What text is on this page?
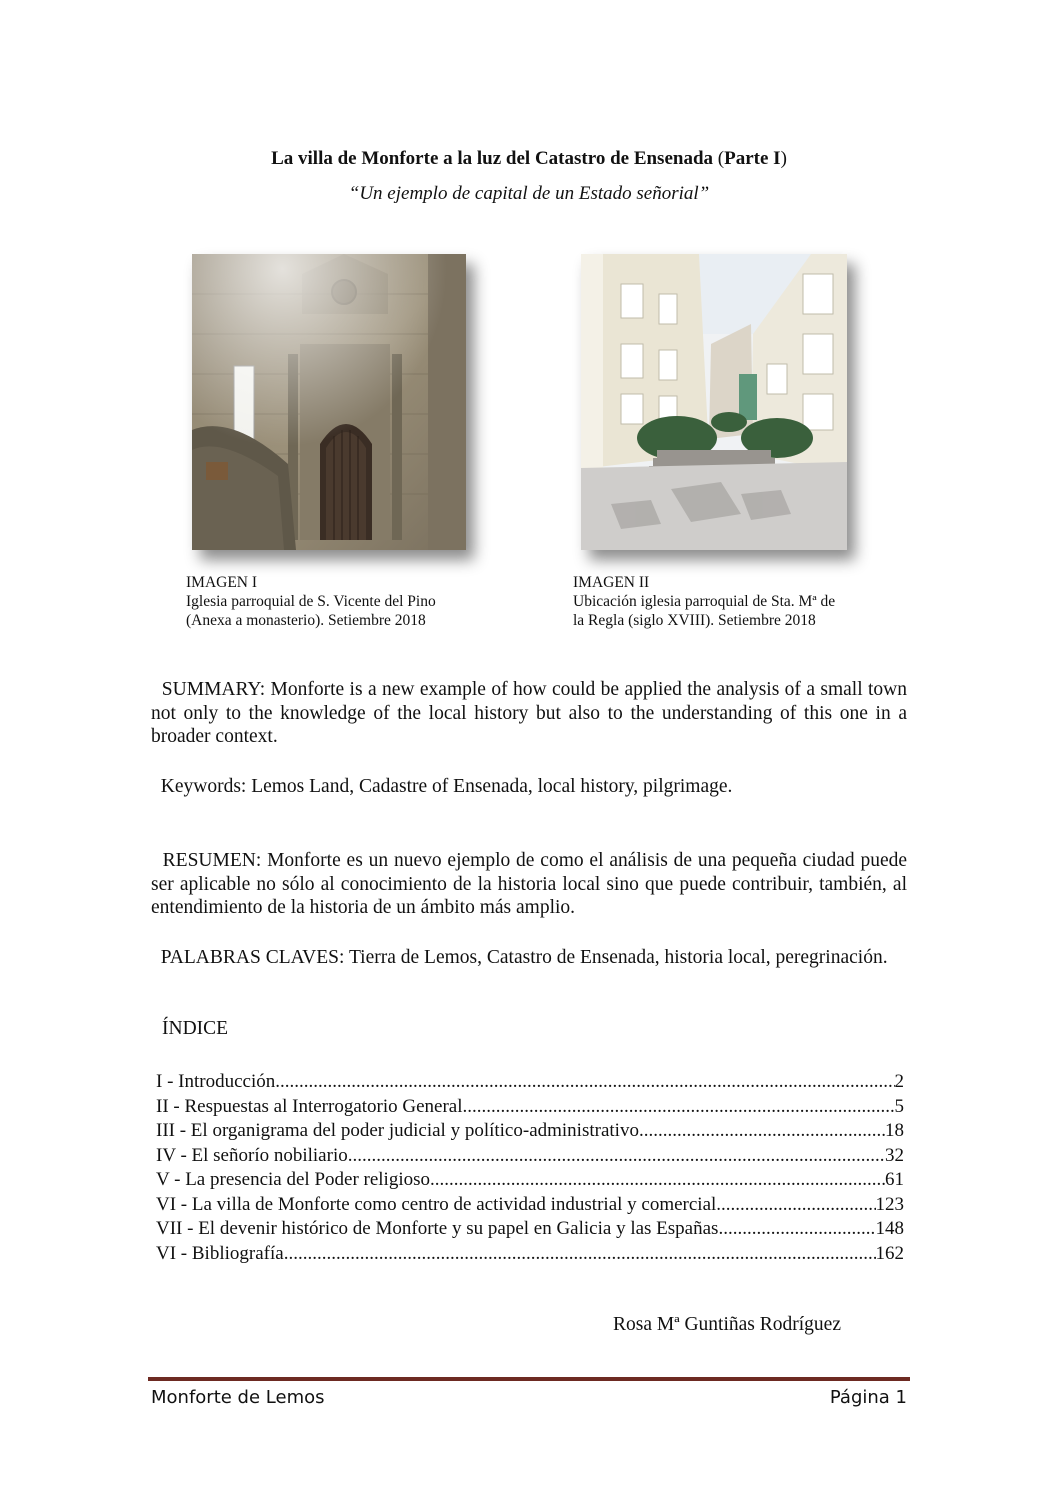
La villa de Monforte a la luz del Catastro de Ensenada (Parte I)
“Un ejemplo de capital de un Estado señorial”
IMAGEN I
Iglesia parroquial de S. Vicente del Pino
(Anexa a monasterio). Setiembre 2018
IMAGEN II
Ubicación iglesia parroquial de Sta. Mª de
la Regla (siglo XVIII). Setiembre 2018
SUMMARY: Monforte is a new example of how could be applied the analysis of a small town not only to the knowledge of the local history but also to the understanding of this one in a broader context.
Keywords: Lemos Land, Cadastre of Ensenada, local history, pilgrimage.
RESUMEN: Monforte es un nuevo ejemplo de como el análisis de una pequeña ciudad puede ser aplicable no sólo al conocimiento de la historia local sino que puede contribuir, también, al entendimiento de la historia de un ámbito más amplio.
PALABRAS CLAVES: Tierra de Lemos, Catastro de Ensenada, historia local, peregrinación.
ÍNDICE
I - Introducción .....	2
II - Respuestas al Interrogatorio General .....	5
III - El organigrama del poder judicial y político-administrativo .....	18
IV - El señorío nobiliario .....	32
V - La presencia del Poder religioso .....	61
VI - La villa de Monforte como centro de actividad industrial y comercial .....	123
VII - El devenir histórico de Monforte y su papel en Galicia y las Españas .....	148
VI - Bibliografía .....	162
Rosa Mª Guntiñas Rodríguez
Monforte de Lemos	Página 1
